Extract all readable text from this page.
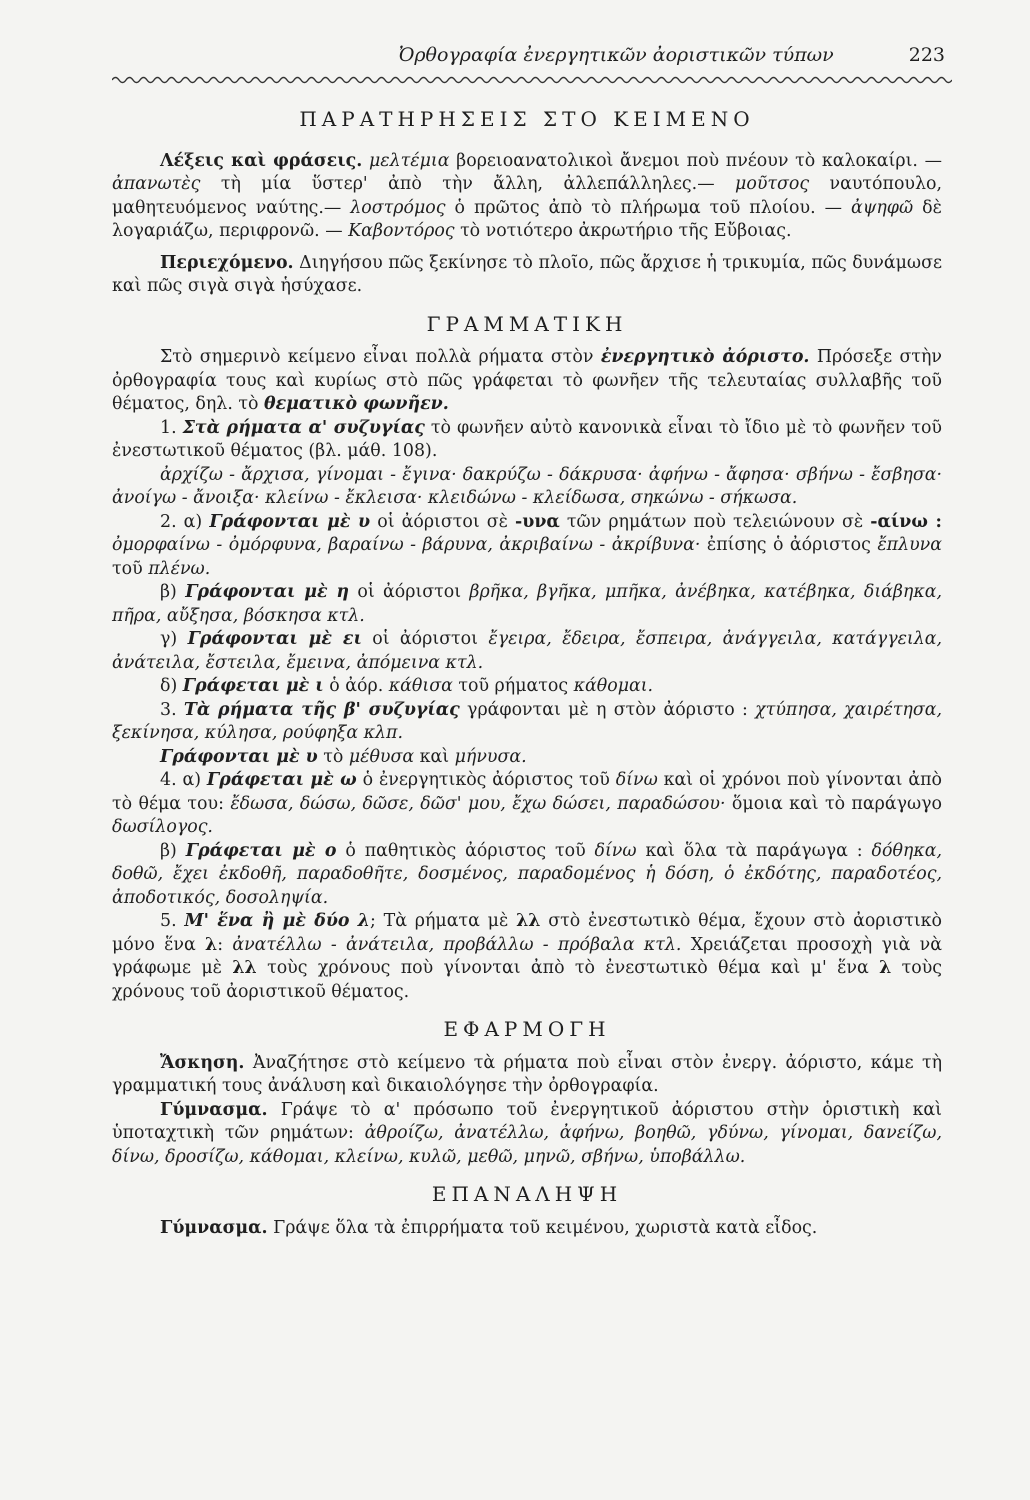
Ὀρθογραφία ἐνεργητικῶν ἀοριστικῶν τύπων	223
ΠΑΡΑΤΗΡΗΣΕΙΣ ΣΤΟ ΚΕΙΜΕΝΟ

Λέξεις καὶ φράσεις. μελτέμια βορειοανατολικοὶ ἄνεμοι ποὺ πνέουν τὸ καλοκαίρι. — ἀπανωτὲς τὴ μία ὕστερ' ἀπὸ τὴν ἄλλη, ἀλλεπάλληλες.— μοῦτσος ναυτόπουλο, μαθητευόμενος ναύτης.— λοστρόμος ὁ πρῶτος ἀπὸ τὸ πλήρωμα τοῦ πλοίου. — ἀψηφῶ δὲ λογαριάζω, περιφρονῶ. — Καβοντόρος τὸ νοτιότερο ἀκρωτήριο τῆς Εὔβοιας.

Περιεχόμενο. Διηγήσου πῶς ξεκίνησε τὸ πλοῖο, πῶς ἄρχισε ἡ τρικυμία, πῶς δυνάμωσε καὶ πῶς σιγὰ σιγὰ ἡσύχασε.

ΓΡΑΜΜΑΤΙΚΗ

Στὸ σημερινὸ κείμενο εἶναι πολλὰ ρήματα στὸν ἐνεργητικὸ ἀόριστο. Πρόσεξε στὴν ὀρθογραφία τους καὶ κυρίως στὸ πῶς γράφεται τὸ φωνῆεν τῆς τελευταίας συλλαβῆς τοῦ θέματος, δηλ. τὸ θεματικὸ φωνῆεν.

1. Στὰ ρήματα α' συζυγίας τὸ φωνῆεν αὐτὸ κανονικὰ εἶναι τὸ ἴδιο μὲ τὸ φωνῆεν τοῦ ἐνεστωτικοῦ θέματος (βλ. μάθ. 108).

ἀρχίζω - ἄρχισα, γίνομαι - ἔγινα· δακρύζω - δάκρυσα· ἀφήνω - ἄφησα· σβήνω - ἔσβησα· ἀνοίγω - ἄνοιξα· κλείνω - ἔκλεισα· κλειδώνω - κλείδωσα, σηκώνω - σήκωσα.

2. α) Γράφονται μὲ υ οἱ ἀόριστοι σὲ -υνα τῶν ρημάτων ποὺ τελειώνουν σὲ -αίνω : ὀμορφαίνω - ὀμόρφυνα, βαραίνω - βάρυνα, ἀκριβαίνω - ἀκρίβυνα· ἐπίσης ὁ ἀόριστος ἔπλυνα τοῦ πλένω.

β) Γράφονται μὲ η οἱ ἀόριστοι βρῆκα, βγῆκα, μπῆκα, ἀνέβηκα, κατέβηκα, διάβηκα, πῆρα, αὔξησα, βόσκησα κτλ.

γ) Γράφονται μὲ ει οἱ ἀόριστοι ἔγειρα, ἔδειρα, ἔσπειρα, ἀνάγγειλα, κατάγγειλα, ἀνάτειλα, ἔστειλα, ἔμεινα, ἀπόμεινα κτλ.

δ) Γράφεται μὲ ι ὁ ἀόρ. κάθισα τοῦ ρήματος κάθομαι.

3. Τὰ ρήματα τῆς β' συζυγίας γράφονται μὲ η στὸν ἀόριστο : χτύπησα, χαιρέτησα, ξεκίνησα, κύλησα, ρούφηξα κλπ.

Γράφονται μὲ υ τὸ μέθυσα καὶ μήνυσα.

4. α) Γράφεται μὲ ω ὁ ἐνεργητικὸς ἀόριστος τοῦ δίνω καὶ οἱ χρόνοι ποὺ γίνονται ἀπὸ τὸ θέμα του: ἔδωσα, δώσω, δῶσε, δῶσ' μου, ἔχω δώσει, παραδώσου· ὅμοια καὶ τὸ παράγωγο δωσίλογος.

β) Γράφεται μὲ ο ὁ παθητικὸς ἀόριστος τοῦ δίνω καὶ ὅλα τὰ παράγωγα : δόθηκα, δοθῶ, ἔχει ἐκδοθῆ, παραδοθῆτε, δοσμένος, παραδομένος ἡ δόση, ὁ ἐκδότης, παραδοτέος, ἀποδοτικός, δοσοληψία.

5. Μ' ἕνα ἢ μὲ δύο λ; Τὰ ρήματα μὲ λλ στὸ ἐνεστωτικὸ θέμα, ἔχουν στὸ ἀοριστικὸ μόνο ἕνα λ: ἀνατέλλω - ἀνάτειλα, προβάλλω - πρόβαλα κτλ. Χρειάζεται προσοχὴ γιὰ νὰ γράφωμε μὲ λλ τοὺς χρόνους ποὺ γίνονται ἀπὸ τὸ ἐνεστωτικὸ θέμα καὶ μ' ἕνα λ τοὺς χρόνους τοῦ ἀοριστικοῦ θέματος.

ΕΦΑΡΜΟΓΗ

Ἄσκηση. Ἀναζήτησε στὸ κείμενο τὰ ρήματα ποὺ εἶναι στὸν ἐνεργ. ἀόριστο, κάμε τὴ γραμματική τους ἀνάλυση καὶ δικαιολόγησε τὴν ὀρθογραφία.

Γύμνασμα. Γράψε τὸ α' πρόσωπο τοῦ ἐνεργητικοῦ ἀόριστου στὴν ὁριστικὴ καὶ ὑποταχτικὴ τῶν ρημάτων: ἀθροίζω, ἀνατέλλω, ἀφήνω, βοηθῶ, γδύνω, γίνομαι, δανείζω, δίνω, δροσίζω, κάθομαι, κλείνω, κυλῶ, μεθῶ, μηνῶ, σβήνω, ὑποβάλλω.

ΕΠΑΝΑΛΗΨΗ

Γύμνασμα. Γράψε ὅλα τὰ ἐπιρρήματα τοῦ κειμένου, χωριστὰ κατὰ εἶδος.
